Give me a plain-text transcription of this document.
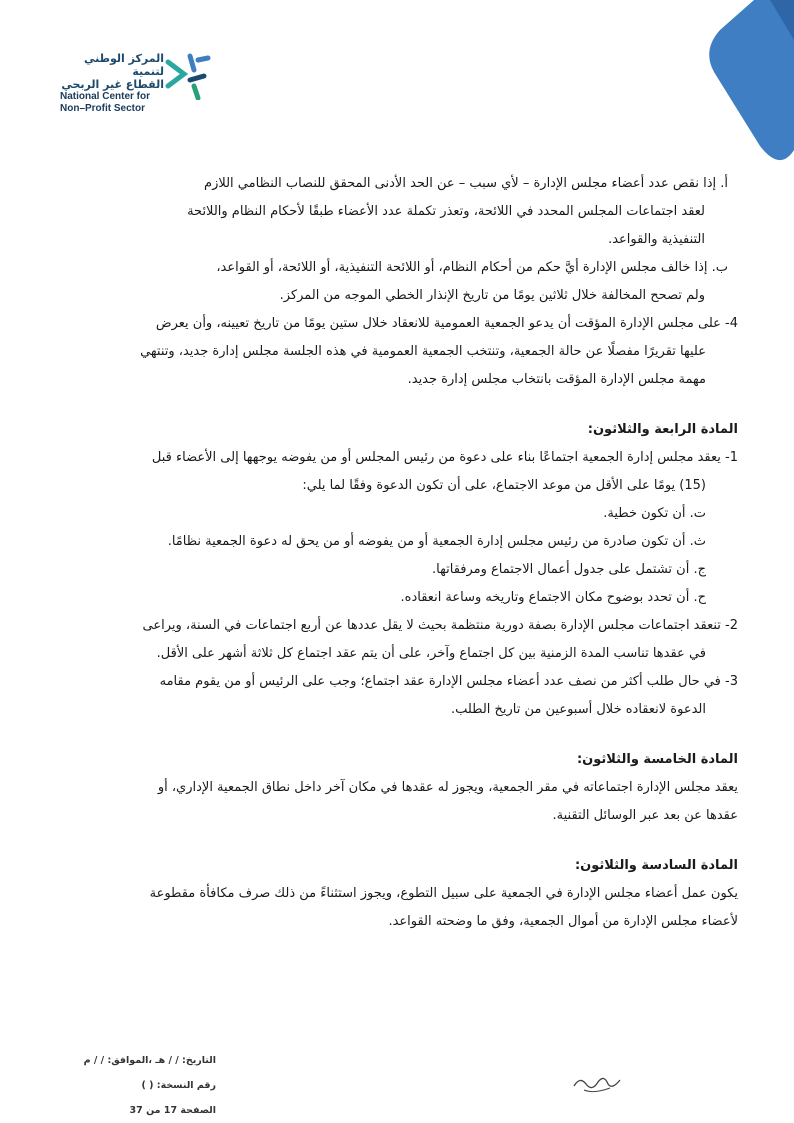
المركز الوطني لتنمية
القطاع غير الربحي
National Center for
Non–Profit Sector

أ. إذا نقص عدد أعضاء مجلس الإدارة – لأي سبب – عن الحد الأدنى المحقق للنصاب النظامي اللازم

لعقد اجتماعات المجلس المحدد في اللائحة، وتعذر تكملة عدد الأعضاء طبقًا لأحكام النظام واللائحة

التنفيذية والقواعد.

ب. إذا خالف مجلس الإدارة أيَّ حكم من أحكام النظام، أو اللائحة التنفيذية، أو اللائحة، أو القواعد،

ولم تصحح المخالفة خلال ثلاثين يومًا من تاريخ الإنذار الخطي الموجه من المركز.

4- على مجلس الإدارة المؤقت أن يدعو الجمعية العمومية للانعقاد خلال ستين يومًا من تاريخ تعيينه، وأن يعرض

عليها تقريرًا مفصلًا عن حالة الجمعية، وتنتخب الجمعية العمومية في هذه الجلسة مجلس إدارة جديد، وتنتهي

مهمة مجلس الإدارة المؤقت بانتخاب مجلس إدارة جديد.

المادة الرابعة والثلاثون:

1- يعقد مجلس إدارة الجمعية اجتماعًا بناء على دعوة من رئيس المجلس أو من يفوضه يوجهها إلى الأعضاء قبل

(15) يومًا على الأقل من موعد الاجتماع، على أن تكون الدعوة وفقًا لما يلي:

ت. أن تكون خطية.

ث. أن تكون صادرة من رئيس مجلس إدارة الجمعية أو من يفوضه أو من يحق له دعوة الجمعية نظامًا.

ج. أن تشتمل على جدول أعمال الاجتماع ومرفقاتها.

ح. أن تحدد بوضوح مكان الاجتماع وتاريخه وساعة انعقاده.

2- تنعقد اجتماعات مجلس الإدارة بصفة دورية منتظمة بحيث لا يقل عددها عن أربع اجتماعات في السنة، ويراعى

في عقدها تناسب المدة الزمنية بين كل اجتماع وآخر، على أن يتم عقد اجتماع كل ثلاثة أشهر على الأقل.

3- في حال طلب أكثر من نصف عدد أعضاء مجلس الإدارة عقد اجتماع؛ وجب على الرئيس أو من يقوم مقامه

الدعوة لانعقاده خلال أسبوعين من تاريخ الطلب.

المادة الخامسة والثلاثون:

يعقد مجلس الإدارة اجتماعاته في مقر الجمعية، ويجوز له عقدها في مكان آخر داخل نطاق الجمعية الإداري، أو

عقدها عن بعد عبر الوسائل التقنية.

المادة السادسة والثلاثون:

يكون عمل أعضاء مجلس الإدارة في الجمعية على سبيل التطوع، ويجوز استثناءً من ذلك صرف مكافأة مقطوعة

لأعضاء مجلس الإدارة من أموال الجمعية، وفق ما وضحته القواعد.

التاريخ: / / هـ ،الموافق: / / م
رقم النسخة: ( )
الصفحة 17 من 37
